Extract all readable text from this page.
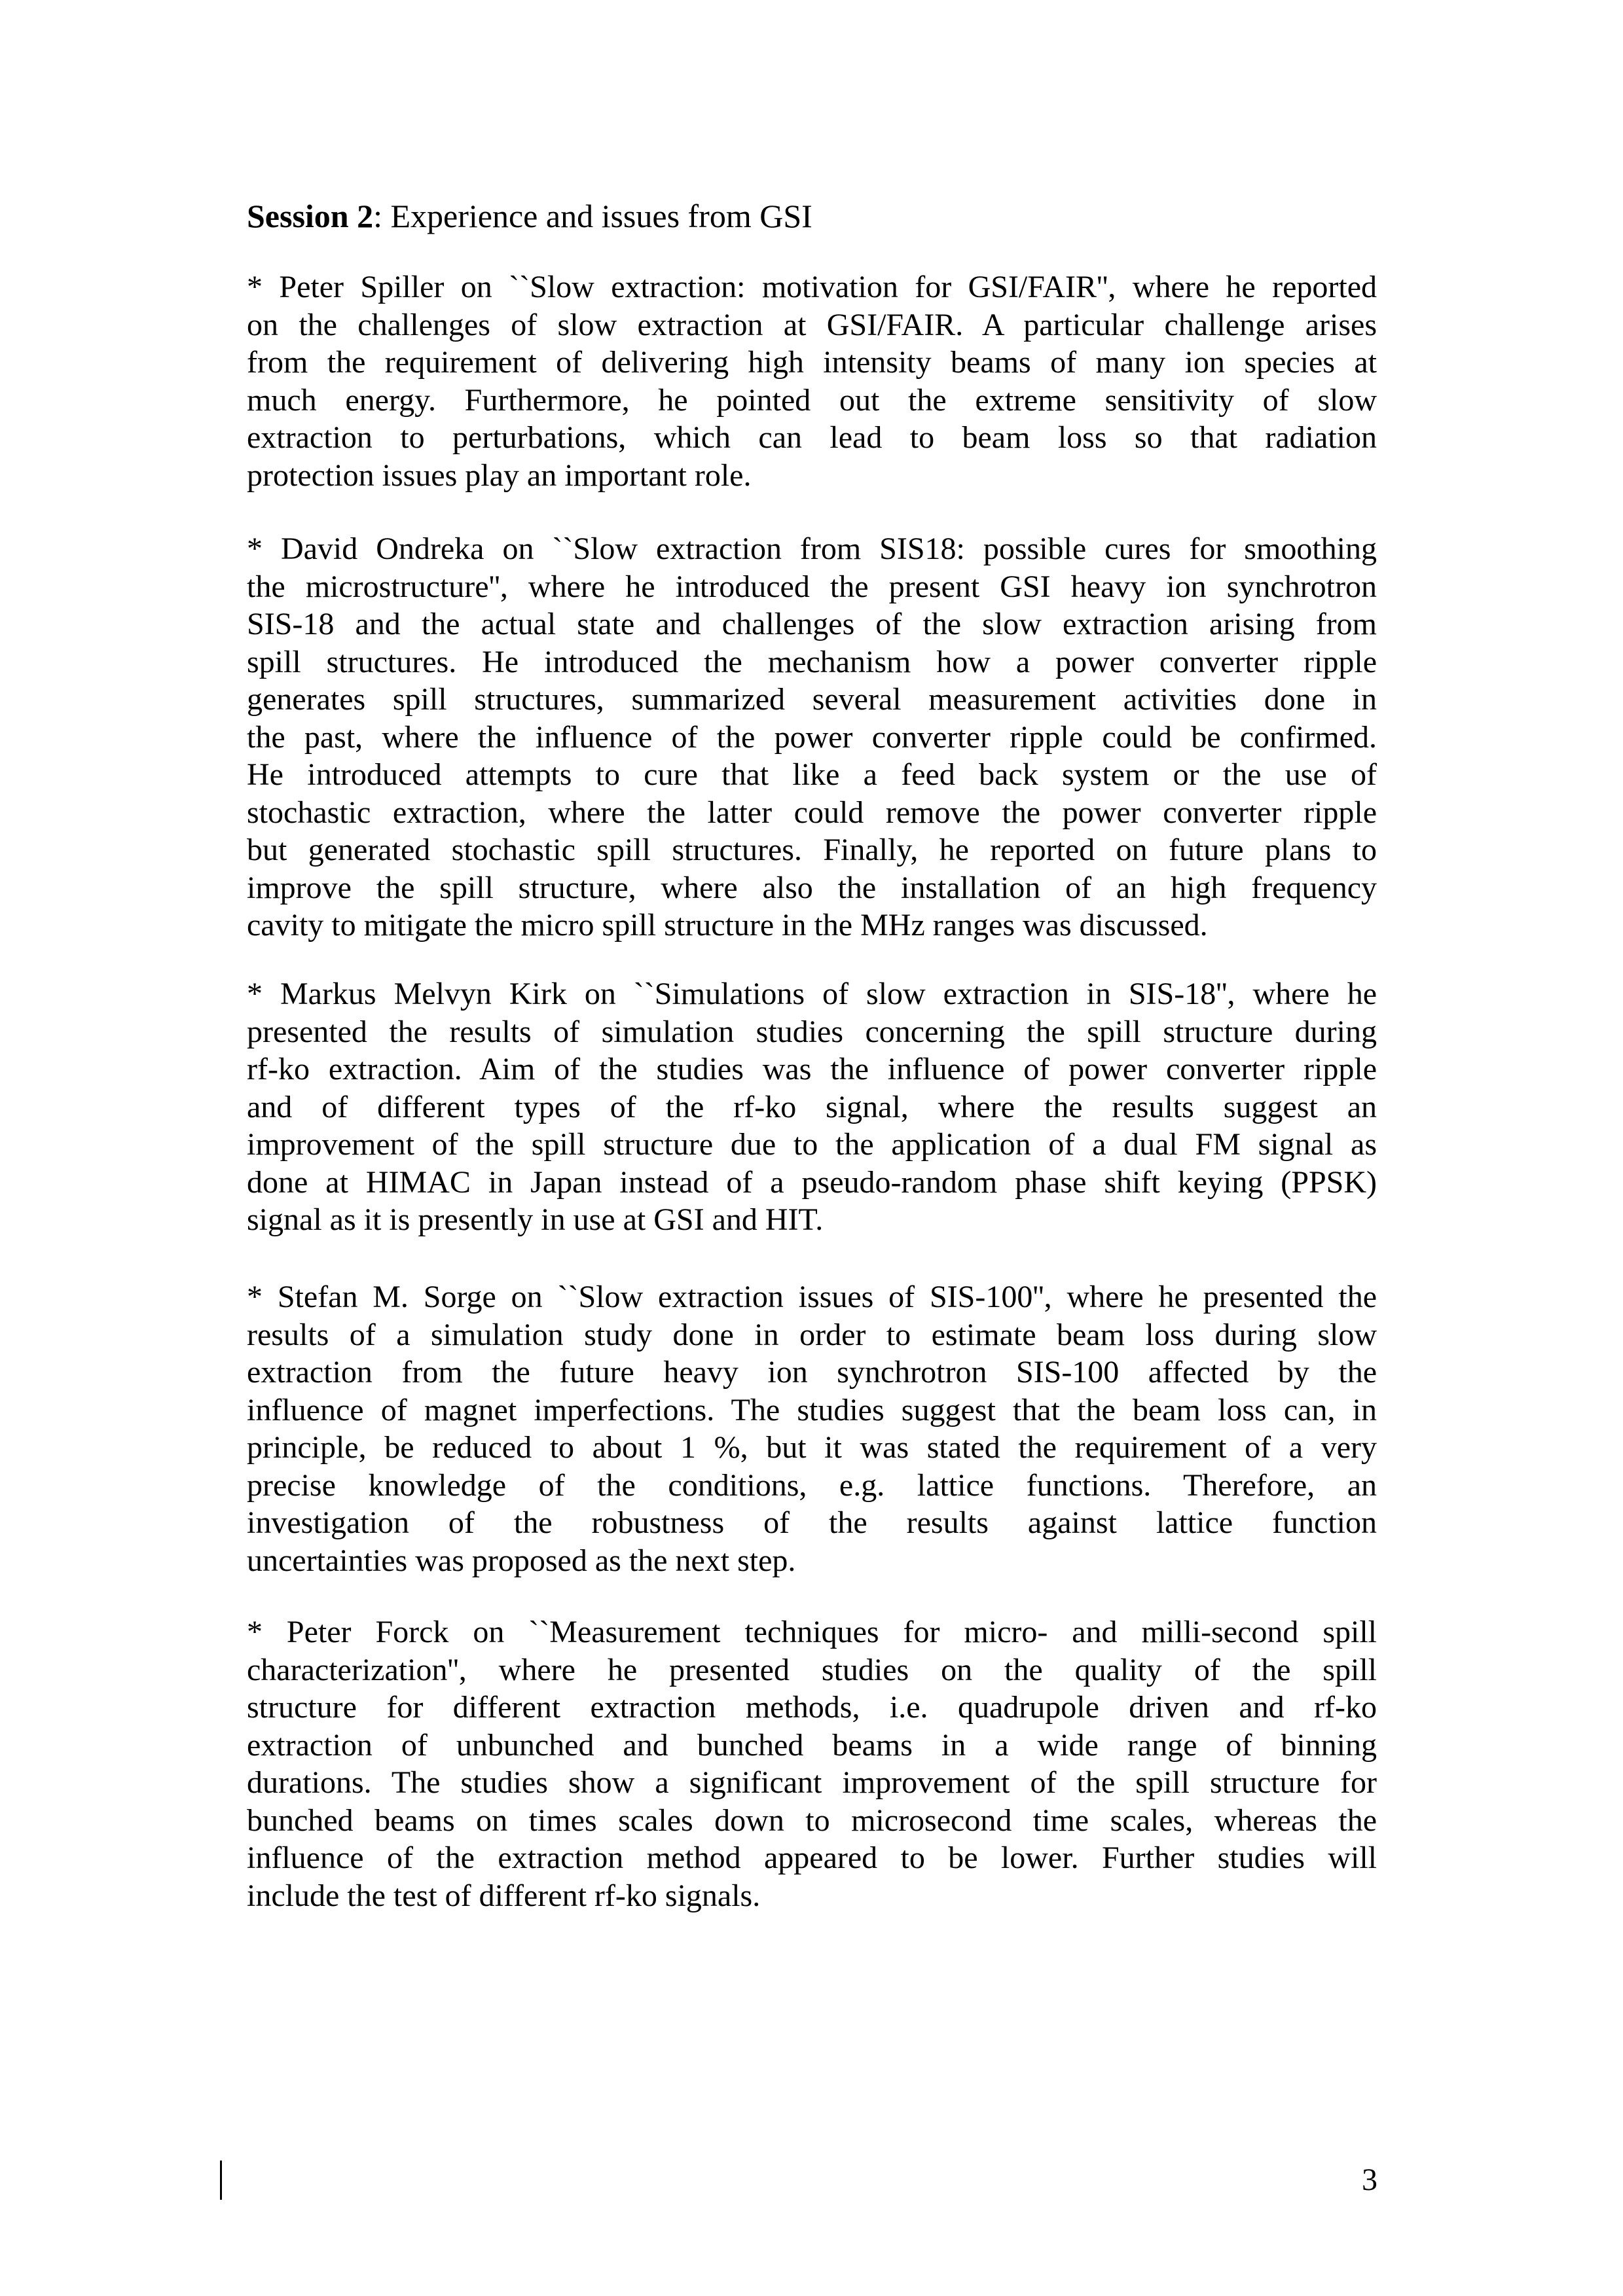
Session 2: Experience and issues from GSI
* Peter Spiller on ``Slow extraction: motivation for GSI/FAIR'', where he reported
on the challenges of slow extraction at GSI/FAIR. A particular challenge arises
from the requirement of delivering high intensity beams of many ion species at
much energy. Furthermore, he pointed out the extreme sensitivity of slow
extraction to perturbations, which can lead to beam loss so that radiation
protection issues play an important role.
* David Ondreka on ``Slow extraction from SIS18: possible cures for smoothing
the microstructure'', where he introduced the present GSI heavy ion synchrotron
SIS-18 and the actual state and challenges of the slow extraction arising from
spill structures. He introduced the mechanism how a power converter ripple
generates spill structures, summarized several measurement activities done in
the past, where the influence of the power converter ripple could be confirmed.
He introduced attempts to cure that like a feed back system or the use of
stochastic extraction, where the latter could remove the power converter ripple
but generated stochastic spill structures. Finally, he reported on future plans to
improve the spill structure, where also the installation of an high frequency
cavity to mitigate the micro spill structure in the MHz ranges was discussed.
* Markus Melvyn Kirk on ``Simulations of slow extraction in SIS-18'', where he
presented the results of simulation studies concerning the spill structure during
rf-ko extraction. Aim of the studies was the influence of power converter ripple
and of different types of the rf-ko signal, where the results suggest an
improvement of the spill structure due to the application of a dual FM signal as
done at HIMAC in Japan instead of a pseudo-random phase shift keying (PPSK)
signal as it is presently in use at GSI and HIT.
* Stefan M. Sorge on ``Slow extraction issues of SIS-100'', where he presented the
results of a simulation study done in order to estimate beam loss during slow
extraction from the future heavy ion synchrotron SIS-100 affected by the
influence of magnet imperfections. The studies suggest that the beam loss can, in
principle, be reduced to about 1 %, but it was stated the requirement of a very
precise knowledge of the conditions, e.g. lattice functions. Therefore, an
investigation of the robustness of the results against lattice function
uncertainties was proposed as the next step.
* Peter Forck on ``Measurement techniques for micro- and milli-second spill
characterization'', where he presented studies on the quality of the spill
structure for different extraction methods, i.e. quadrupole driven and rf-ko
extraction of unbunched and bunched beams in a wide range of binning
durations. The studies show a significant improvement of the spill structure for
bunched beams on times scales down to microsecond time scales, whereas the
influence of the extraction method appeared to be lower. Further studies will
include the test of different rf-ko signals.
3
